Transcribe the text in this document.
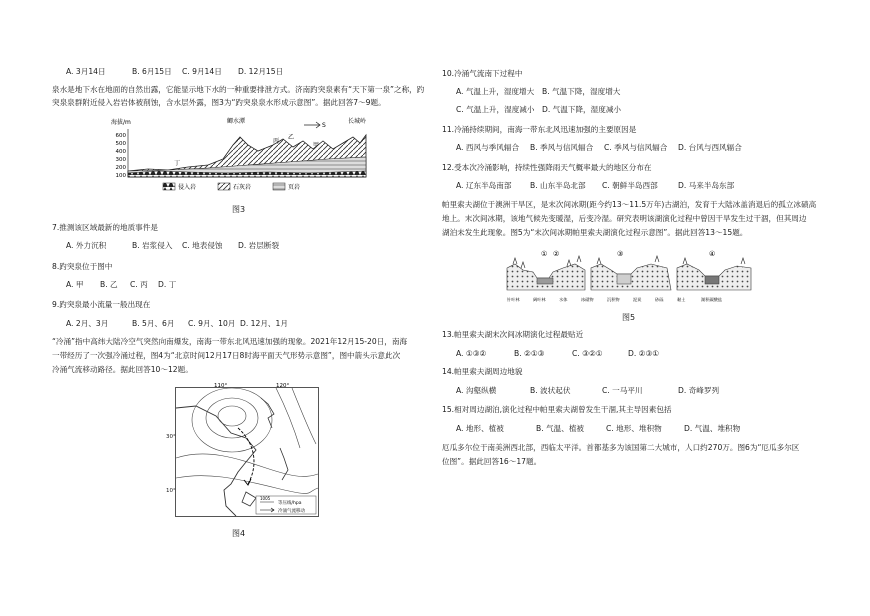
A. 3月14日	B. 6月15日 C. 9月14日 D. 12月15日
泉水是地下水在地面的自然出露，它能显示地下水的一种重要排泄方式。济南趵突泉素有“天下第一泉”之称，趵
突泉泉群附近侵入岩岩体被削蚀，含水层外露，图3为“趵突泉泉水形成示意图”。据此回答7～9题。
海拔/m
600
500
400
300
200
100
鲫水潭
丙
乙
甲
丁
长城岭
S
侵入岩	石灰岩	页岩
图3
7.推测该区域最新的地质事件是
A. 外力沉积	B. 岩浆侵入 C. 地表侵蚀 D. 岩层断裂
8.趵突泉位于图中
A. 甲 B. 乙 C. 丙 D. 丁
9.趵突泉最小流量一般出现在
A. 2月、3月	B. 5月、6月 C. 9月、10月 D. 12月、1月
“冷涌”指中高纬大陆冷空气突然向南爆发，南海一带东北风迅速加强的现象。2021年12月15-20日，南海
一带经历了一次强冷涌过程，图4为“北京时间12月17日8时海平面天气形势示意图”，图中箭头示意此次
冷涌气流移动路径。据此回答10～12题。
110°	120°
1005
等压线/hpa
冷涌气流移动
30°
10°
图4
10.冷涌气流南下过程中
A. 气温上升，湿度增大 B. 气温下降，湿度增大
C. 气温上升，湿度减小 D. 气温下降，湿度减小
11.冷涌持续期间，南海一带东北风迅速加强的主要原因是
A. 西风与季风辐合 B. 季风与信风辐合 C. 季风与信风辐合 D. 台风与西风辐合
12.受本次冷涌影响，持续性强降雨天气概率最大的地区分布在
A. 辽东半岛南部 B. 山东半岛北部 C. 朝鲜半岛西部	D. 马来半岛东部
帕里索夫湖位于澳洲干旱区，是末次间冰期(距今约13～11.5万年)古湖泊，发育于大陆冰盖消退后的孤立冰碛高
地上。末次间冰期，该地气候先变暖湿，后变冷湿。研究表明该湖演化过程中曾因干旱发生过干涸，但其周边
湖泊未发生此现象。图5为“末次间冰期帕里索夫湖演化过程示意图”。据此回答13～15题。
① ②	③	④
针叶林	阔叶林	水体	冰碛物	沉积物	泥炭	砂砾	黏土	湖积碳酸盐
图5
13.帕里索夫湖末次间冰期演化过程最贴近
A. ①③②	B. ②①③	C. ③②①	D. ②③①
14.帕里索夫湖周边地貌
A. 沟壑纵横	B. 波状起伏	C. 一马平川	D. 奇峰罗列
15.相对周边湖泊,演化过程中帕里索夫湖曾发生干涸,其主导因素包括
A. 地形、植被	B. 气温、植被	C. 地形、堆积物	D. 气温、堆积物
厄瓜多尔位于南美洲西北部，西临太平洋。首都基多为该国第二大城市，人口约270万。图6为“厄瓜多尔区
位图”。据此回答16～17题。
